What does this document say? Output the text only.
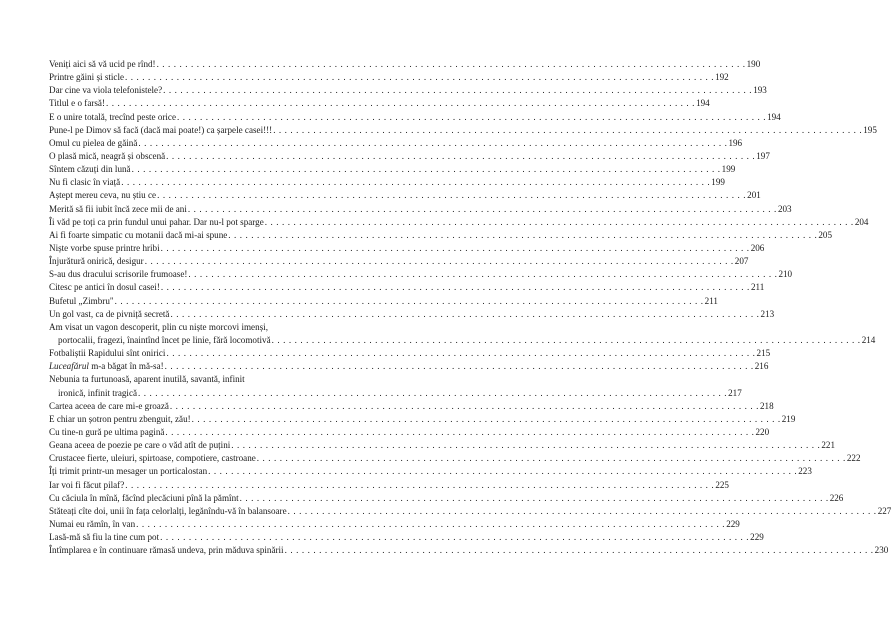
Veniți aici să vă ucid pe rînd! . . . . . . . . . . . . . . . . . . . . . . . . . . . . . . . . . . . . . . . . . . . . . . . . . . . . . . . . . . . . . . . . . . . . . . . . . . . . . . . . . . . . . . . . . . . . . . . . . . . . . . . 190
Printre găini și sticle . . . . . . . . . . . . . . . . . . . . . . . . . . . . . . . . . . . . . . . . . . . . . . . . . . . . . . . . . . . . . . . . . . . . . . . . . . . . . . . . . . . . . . . . . . . . . . . . . . . . . . . 192
Dar cine va viola telefonistele? . . . . . . . . . . . . . . . . . . . . . . . . . . . . . . . . . . . . . . . . . . . . . . . . . . . . . . . . . . . . . . . . . . . . . . . . . . . . . . . . . . . . . . . . . . . . . . . . . . . . . . . 193
Titlul e o farsă! . . . . . . . . . . . . . . . . . . . . . . . . . . . . . . . . . . . . . . . . . . . . . . . . . . . . . . . . . . . . . . . . . . . . . . . . . . . . . . . . . . . . . . . . . . . . . . . . . . . . . . . 194
E o unire totală, trecînd peste orice . . . . . . . . . . . . . . . . . . . . . . . . . . . . . . . . . . . . . . . . . . . . . . . . . . . . . . . . . . . . . . . . . . . . . . . . . . . . . . . . . . . . . . . . . . . . . . . . . . . . . . . 194
Pune-l pe Dimov să facă (dacă mai poate!) ca șarpele casei!!! . . . . . . . . . . . . . . . . . . . . . . . . . . . . . . . . . . . . . . . . . . . . . . . . . . . . . . . . . . . . . . . . . . . . . . . . . . . . . . . . . . . . . . . . . . . . . . . . . . . . . . . 195
Omul cu pielea de găină . . . . . . . . . . . . . . . . . . . . . . . . . . . . . . . . . . . . . . . . . . . . . . . . . . . . . . . . . . . . . . . . . . . . . . . . . . . . . . . . . . . . . . . . . . . . . . . . . . . . . . . 196
O plasă mică, neagră și obscenă . . . . . . . . . . . . . . . . . . . . . . . . . . . . . . . . . . . . . . . . . . . . . . . . . . . . . . . . . . . . . . . . . . . . . . . . . . . . . . . . . . . . . . . . . . . . . . . . . . . . . . . 197
Sîntem căzuți din lună . . . . . . . . . . . . . . . . . . . . . . . . . . . . . . . . . . . . . . . . . . . . . . . . . . . . . . . . . . . . . . . . . . . . . . . . . . . . . . . . . . . . . . . . . . . . . . . . . . . . . . . 199
Nu fi clasic în viață . . . . . . . . . . . . . . . . . . . . . . . . . . . . . . . . . . . . . . . . . . . . . . . . . . . . . . . . . . . . . . . . . . . . . . . . . . . . . . . . . . . . . . . . . . . . . . . . . . . . . . . 199
Aștept mereu ceva, nu știu ce . . . . . . . . . . . . . . . . . . . . . . . . . . . . . . . . . . . . . . . . . . . . . . . . . . . . . . . . . . . . . . . . . . . . . . . . . . . . . . . . . . . . . . . . . . . . . . . . . . . . . . . 201
Merită să fii iubit încă zece mii de ani . . . . . . . . . . . . . . . . . . . . . . . . . . . . . . . . . . . . . . . . . . . . . . . . . . . . . . . . . . . . . . . . . . . . . . . . . . . . . . . . . . . . . . . . . . . . . . . . . . . . . . . 203
Îi văd pe toți ca prin fundul unui pahar. Dar nu-l pot sparge . . . . . . . . . . . . . . . . . . . . . . . . . . . . . . . . . . . . . . . . . . . . . . . . . . . . . . . . . . . . . . . . . . . . . . . . . . . . . . . . . . . . . . . . . . . . . . . . . . . . . . . 204
Ai fi foarte simpatic cu motanii dacă mi-ai spune . . . . . . . . . . . . . . . . . . . . . . . . . . . . . . . . . . . . . . . . . . . . . . . . . . . . . . . . . . . . . . . . . . . . . . . . . . . . . . . . . . . . . . . . . . . . . . . . . . . . . . . 205
Niște vorbe spuse printre hribi . . . . . . . . . . . . . . . . . . . . . . . . . . . . . . . . . . . . . . . . . . . . . . . . . . . . . . . . . . . . . . . . . . . . . . . . . . . . . . . . . . . . . . . . . . . . . . . . . . . . . . . 206
Înjurătură onirică, desigur . . . . . . . . . . . . . . . . . . . . . . . . . . . . . . . . . . . . . . . . . . . . . . . . . . . . . . . . . . . . . . . . . . . . . . . . . . . . . . . . . . . . . . . . . . . . . . . . . . . . . . . 207
S-au dus dracului scrisorile frumoase! . . . . . . . . . . . . . . . . . . . . . . . . . . . . . . . . . . . . . . . . . . . . . . . . . . . . . . . . . . . . . . . . . . . . . . . . . . . . . . . . . . . . . . . . . . . . . . . . . . . . . . . 210
Citesc pe antici în dosul casei! . . . . . . . . . . . . . . . . . . . . . . . . . . . . . . . . . . . . . . . . . . . . . . . . . . . . . . . . . . . . . . . . . . . . . . . . . . . . . . . . . . . . . . . . . . . . . . . . . . . . . . . 211
Bufetul „Zimbru" . . . . . . . . . . . . . . . . . . . . . . . . . . . . . . . . . . . . . . . . . . . . . . . . . . . . . . . . . . . . . . . . . . . . . . . . . . . . . . . . . . . . . . . . . . . . . . . . . . . . . . . 211
Un gol vast, ca de pivniță secretă . . . . . . . . . . . . . . . . . . . . . . . . . . . . . . . . . . . . . . . . . . . . . . . . . . . . . . . . . . . . . . . . . . . . . . . . . . . . . . . . . . . . . . . . . . . . . . . . . . . . . . . 213
Am visat un vagon descoperit, plin cu niște morcovi imenși,
portocalii, fragezi, înaintînd încet pe linie, fără locomotivă . . . . . . . . . . . . . . . . . . . . . . . . . . . . . . . . . . . . . . . . . . . . . . . . . . . . . . . . . . . . . . . . . . . . . . . . . . . . . . . . . . . . . . . . . . . . . . . . . . . . . . . 214
Fotbaliștii Rapidului sînt onirici . . . . . . . . . . . . . . . . . . . . . . . . . . . . . . . . . . . . . . . . . . . . . . . . . . . . . . . . . . . . . . . . . . . . . . . . . . . . . . . . . . . . . . . . . . . . . . . . . . . . . . . 215
Luceafărul m-a băgat în mă-sa! . . . . . . . . . . . . . . . . . . . . . . . . . . . . . . . . . . . . . . . . . . . . . . . . . . . . . . . . . . . . . . . . . . . . . . . . . . . . . . . . . . . . . . . . . . . . . . . . . . . . . . . 216
Nebunia ta furtunoasă, aparent inutilă, savantă, infinit
ironică, infinit tragică . . . . . . . . . . . . . . . . . . . . . . . . . . . . . . . . . . . . . . . . . . . . . . . . . . . . . . . . . . . . . . . . . . . . . . . . . . . . . . . . . . . . . . . . . . . . . . . . . . . . . . . 217
Cartea aceea de care mi-e groază . . . . . . . . . . . . . . . . . . . . . . . . . . . . . . . . . . . . . . . . . . . . . . . . . . . . . . . . . . . . . . . . . . . . . . . . . . . . . . . . . . . . . . . . . . . . . . . . . . . . . . . 218
E chiar un șotron pentru zbenguit, zău! . . . . . . . . . . . . . . . . . . . . . . . . . . . . . . . . . . . . . . . . . . . . . . . . . . . . . . . . . . . . . . . . . . . . . . . . . . . . . . . . . . . . . . . . . . . . . . . . . . . . . . . 219
Cu tine-n gură pe ultima pagină . . . . . . . . . . . . . . . . . . . . . . . . . . . . . . . . . . . . . . . . . . . . . . . . . . . . . . . . . . . . . . . . . . . . . . . . . . . . . . . . . . . . . . . . . . . . . . . . . . . . . . . 220
Geana aceea de poezie pe care o văd atît de puțini . . . . . . . . . . . . . . . . . . . . . . . . . . . . . . . . . . . . . . . . . . . . . . . . . . . . . . . . . . . . . . . . . . . . . . . . . . . . . . . . . . . . . . . . . . . . . . . . . . . . . . . 221
Crustacee fierte, uleiuri, spirtoase, compotiere, castroane . . . . . . . . . . . . . . . . . . . . . . . . . . . . . . . . . . . . . . . . . . . . . . . . . . . . . . . . . . . . . . . . . . . . . . . . . . . . . . . . . . . . . . . . . . . . . . . . . . . . . . . 222
Îți trimit printr-un mesager un porticalostan . . . . . . . . . . . . . . . . . . . . . . . . . . . . . . . . . . . . . . . . . . . . . . . . . . . . . . . . . . . . . . . . . . . . . . . . . . . . . . . . . . . . . . . . . . . . . . . . . . . . . . . 223
Iar voi fi făcut pilaf? . . . . . . . . . . . . . . . . . . . . . . . . . . . . . . . . . . . . . . . . . . . . . . . . . . . . . . . . . . . . . . . . . . . . . . . . . . . . . . . . . . . . . . . . . . . . . . . . . . . . . . . 225
Cu căciula în mînă, făcînd plecăciuni pînă la pămînt . . . . . . . . . . . . . . . . . . . . . . . . . . . . . . . . . . . . . . . . . . . . . . . . . . . . . . . . . . . . . . . . . . . . . . . . . . . . . . . . . . . . . . . . . . . . . . . . . . . . . . . 226
Stăteați cîte doi, unii în fața celorlalți, legănîndu-vă în balansoare . . . . . . . . . . . . . . . . . . . . . . . . . . . . . . . . . . . . . . . . . . . . . . . . . . . . . . . . . . . . . . . . . . . . . . . . . . . . . . . . . . . . . . . . . . . . . . . . . . . . . . . 227
Numai eu rămîn, în van . . . . . . . . . . . . . . . . . . . . . . . . . . . . . . . . . . . . . . . . . . . . . . . . . . . . . . . . . . . . . . . . . . . . . . . . . . . . . . . . . . . . . . . . . . . . . . . . . . . . . . . 229
Lasă-mă să fiu la tine cum pot . . . . . . . . . . . . . . . . . . . . . . . . . . . . . . . . . . . . . . . . . . . . . . . . . . . . . . . . . . . . . . . . . . . . . . . . . . . . . . . . . . . . . . . . . . . . . . . . . . . . . . . 229
Întîmplarea e în continuare rămasă undeva, prin măduva spinării . . . . . . . . . . . . . . . . . . . . . . . . . . . . . . . . . . . . . . . . . . . . . . . . . . . . . . . . . . . . . . . . . . . . . . . . . . . . . . . . . . . . . . . . . . . . . . . . . . . . . . . 230
